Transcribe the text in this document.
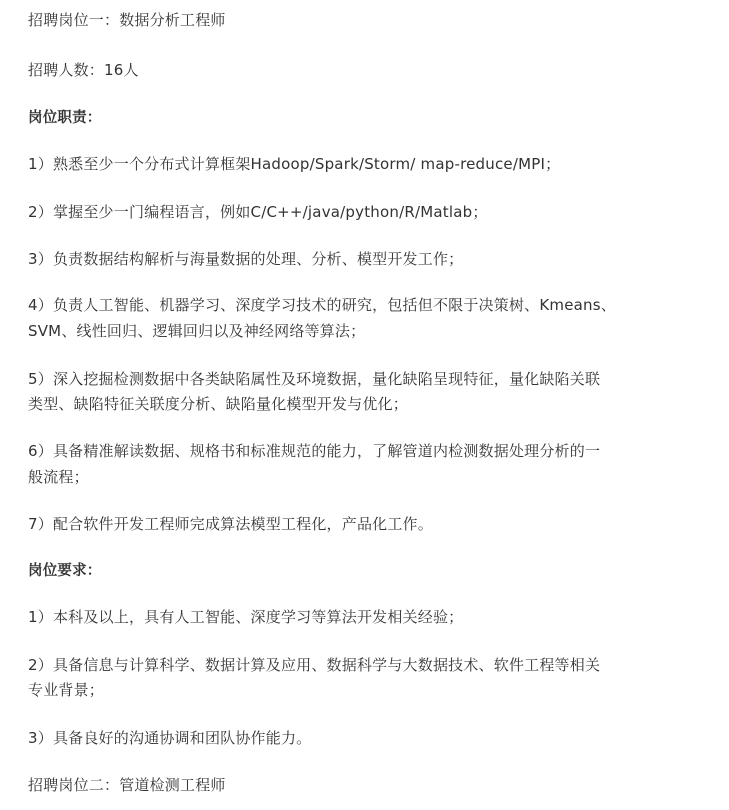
招聘岗位一：数据分析工程师
招聘人数：16人
岗位职责：
1）熟悉至少一个分布式计算框架Hadoop/Spark/Storm/ map-reduce/MPI；
2）掌握至少一门编程语言，例如C/C++/java/python/R/Matlab；
3）负责数据结构解析与海量数据的处理、分析、模型开发工作；
4）负责人工智能、机器学习、深度学习技术的研究，包括但不限于决策树、Kmeans、
SVM、线性回归、逻辑回归以及神经网络等算法；
5）深入挖掘检测数据中各类缺陷属性及环境数据，量化缺陷呈现特征，量化缺陷关联
类型、缺陷特征关联度分析、缺陷量化模型开发与优化；
6）具备精准解读数据、规格书和标准规范的能力，了解管道内检测数据处理分析的一
般流程；
7）配合软件开发工程师完成算法模型工程化，产品化工作。
岗位要求：
1）本科及以上，具有人工智能、深度学习等算法开发相关经验；
2）具备信息与计算科学、数据计算及应用、数据科学与大数据技术、软件工程等相关
专业背景；
3）具备良好的沟通协调和团队协作能力。
招聘岗位二：管道检测工程师
